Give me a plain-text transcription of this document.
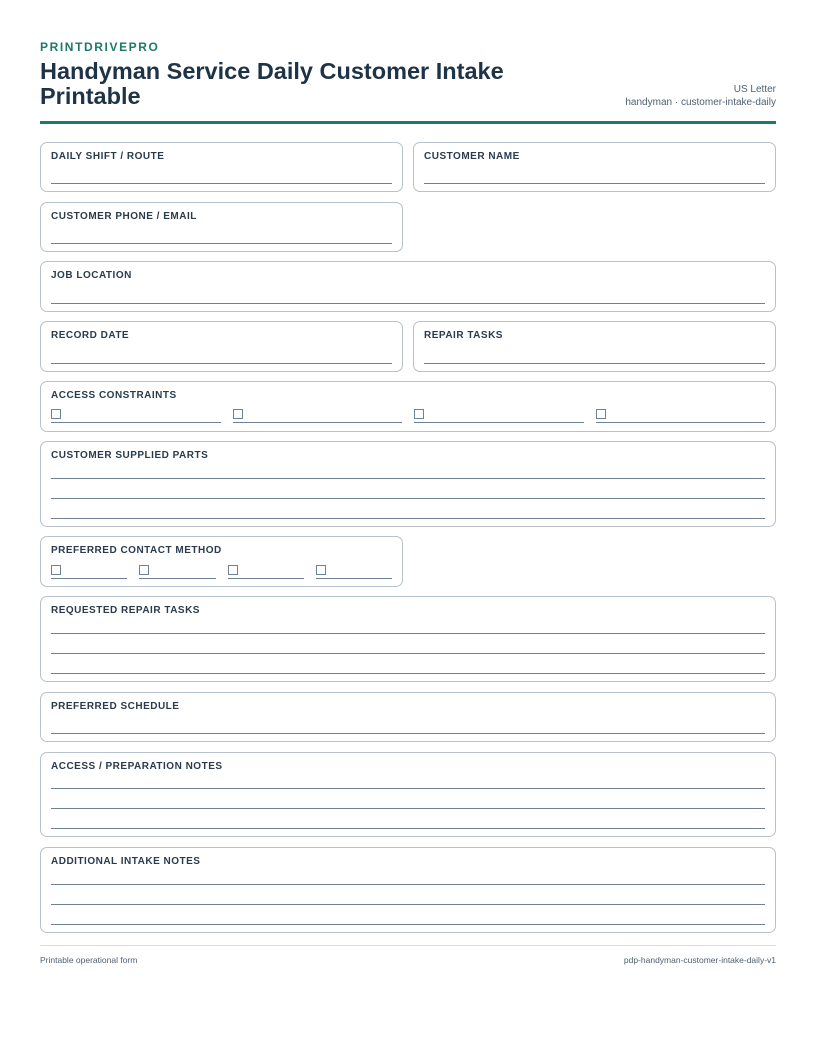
PRINTDRIVEPRO

Handyman Service Daily Customer Intake Printable	US Letter
handyman · customer-intake-daily

DAILY SHIFT / ROUTE	CUSTOMER NAME

CUSTOMER PHONE / EMAIL

JOB LOCATION

RECORD DATE	REPAIR TASKS

ACCESS CONSTRAINTS

CUSTOMER SUPPLIED PARTS

PREFERRED CONTACT METHOD

REQUESTED REPAIR TASKS

PREFERRED SCHEDULE

ACCESS / PREPARATION NOTES

ADDITIONAL INTAKE NOTES

Printable operational form	pdp-handyman-customer-intake-daily-v1
